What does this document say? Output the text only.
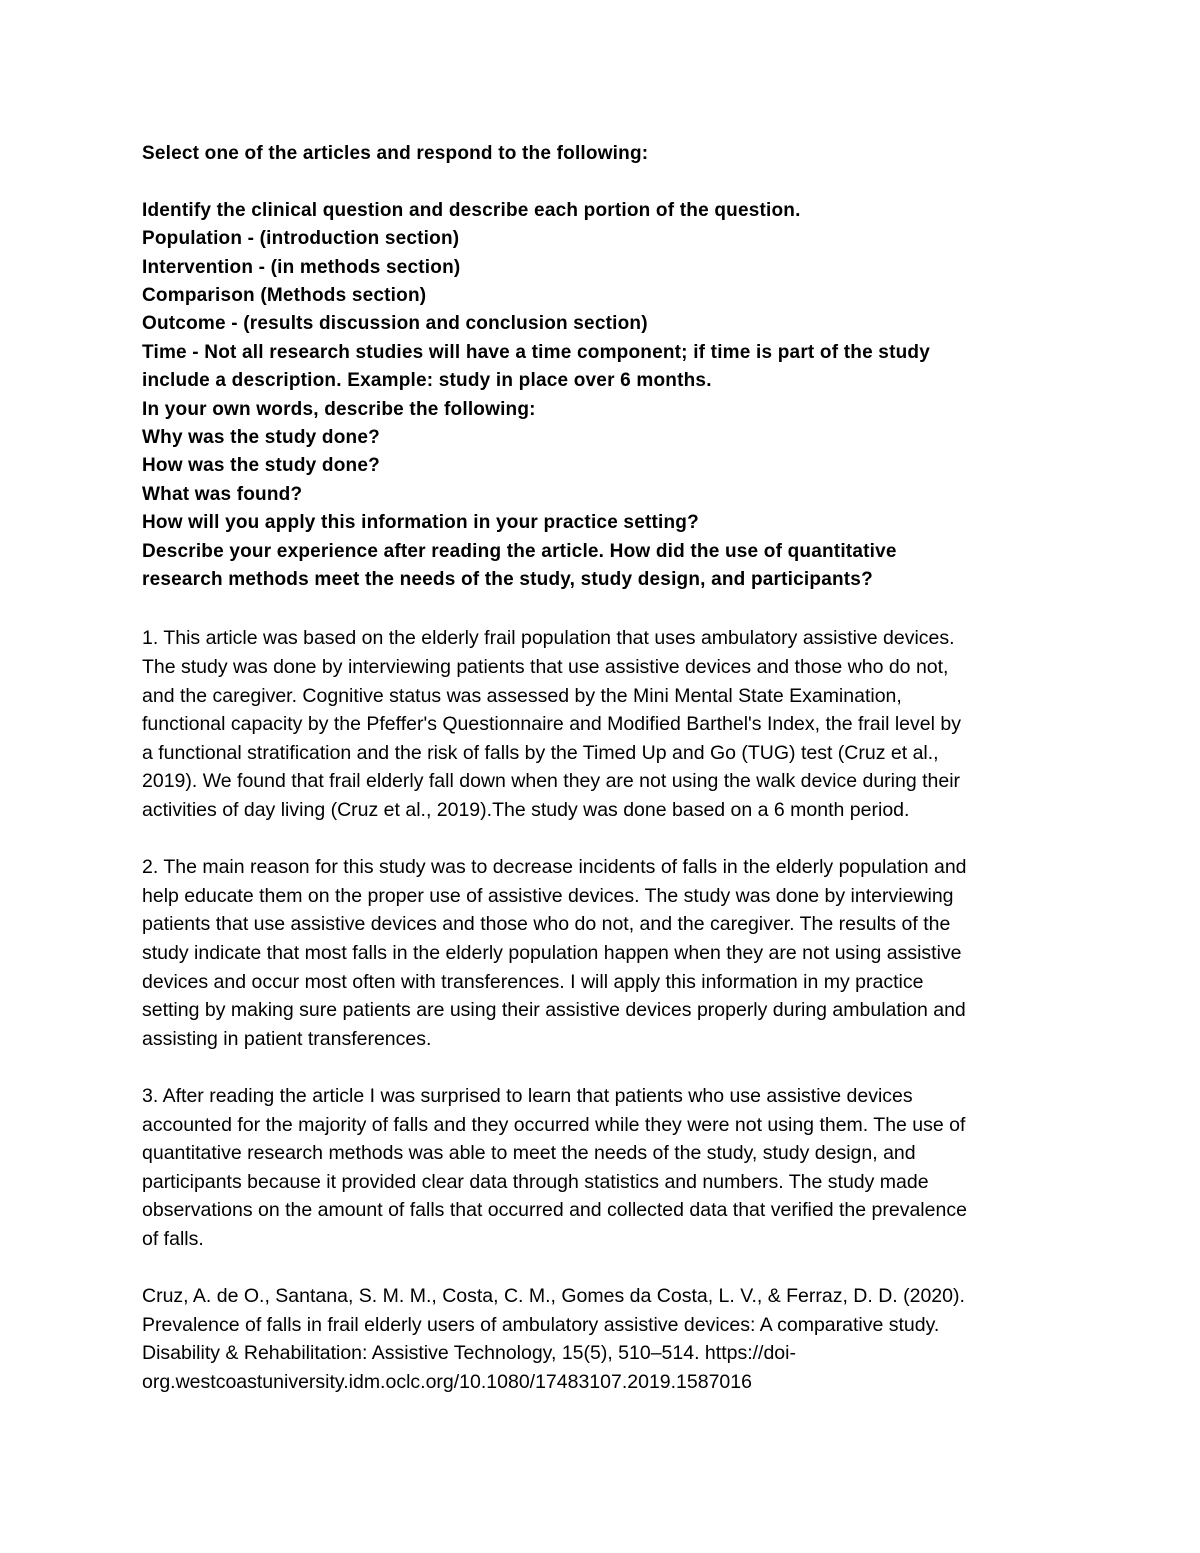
Select one of the articles and respond to the following:
Identify the clinical question and describe each portion of the question.
Population - (introduction section)
Intervention - (in methods section)
Comparison (Methods section)
Outcome - (results discussion and conclusion section)
Time - Not all research studies will have a time component; if time is part of the study
include a description. Example: study in place over 6 months.
In your own words, describe the following:
Why was the study done?
How was the study done?
What was found?
How will you apply this information in your practice setting?
Describe your experience after reading the article. How did the use of quantitative
research methods meet the needs of the study, study design, and participants?

1. This article was based on the elderly frail population that uses ambulatory assistive devices.
The study was done by interviewing patients that use assistive devices and those who do not,
and the caregiver. Cognitive status was assessed by the Mini Mental State Examination,
functional capacity by the Pfeffer's Questionnaire and Modified Barthel's Index, the frail level by
a functional stratification and the risk of falls by the Timed Up and Go (TUG) test (Cruz et al.,
2019). We found that frail elderly fall down when they are not using the walk device during their
activities of day living (Cruz et al., 2019).The study was done based on a 6 month period.

2. The main reason for this study was to decrease incidents of falls in the elderly population and
help educate them on the proper use of assistive devices. The study was done by interviewing
patients that use assistive devices and those who do not, and the caregiver. The results of the
study indicate that most falls in the elderly population happen when they are not using assistive
devices and occur most often with transferences. I will apply this information in my practice
setting by making sure patients are using their assistive devices properly during ambulation and
assisting in patient transferences.

3. After reading the article I was surprised to learn that patients who use assistive devices
accounted for the majority of falls and they occurred while they were not using them. The use of
quantitative research methods was able to meet the needs of the study, study design, and
participants because it provided clear data through statistics and numbers. The study made
observations on the amount of falls that occurred and collected data that verified the prevalence
of falls.

Cruz, A. de O., Santana, S. M. M., Costa, C. M., Gomes da Costa, L. V., & Ferraz, D. D. (2020).
Prevalence of falls in frail elderly users of ambulatory assistive devices: A comparative study.
Disability & Rehabilitation: Assistive Technology, 15(5), 510–514. https://doi-
org.westcoastuniversity.idm.oclc.org/10.1080/17483107.2019.1587016
